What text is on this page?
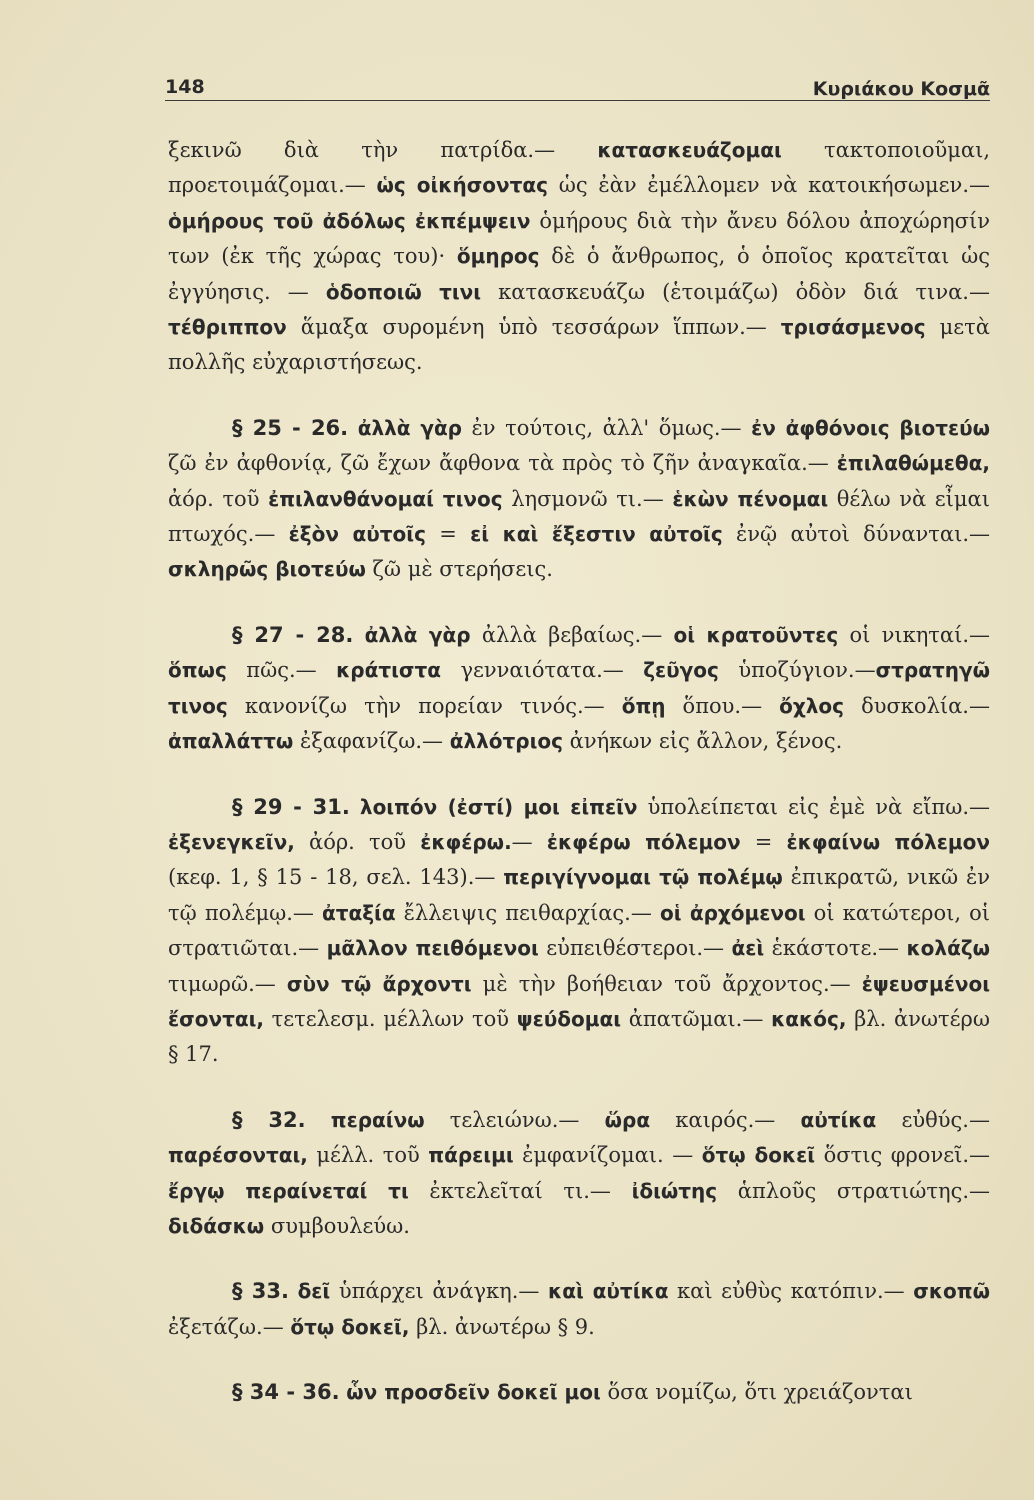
148	Κυριάκου Κοσμᾶ

ξεκινῶ διὰ τὴν πατρίδα.— κατασκευάζομαι τακτοποιοῦμαι, προετοιμάζομαι.— ὡς οἰκήσοντας ὡς ἐὰν ἐμέλλομεν νὰ κατοικήσωμεν.— ὁμήρους τοῦ ἀδόλως ἐκπέμψειν ὁμήρους διὰ τὴν ἄνευ δόλου ἀποχώρησίν των (ἐκ τῆς χώρας του)· ὅμηρος δὲ ὁ ἄνθρωπος, ὁ ὁποῖος κρατεῖται ὡς ἐγγύησις. — ὁδοποιῶ τινι κατασκευάζω (ἑτοιμάζω) ὁδὸν διά τινα.— τέθριππον ἅμαξα συρομένη ὑπὸ τεσσάρων ἵππων.— τρισάσμενος μετὰ πολλῆς εὐχαριστήσεως.

§ 25 - 26. ἀλλὰ γὰρ ἐν τούτοις, ἀλλ' ὅμως.— ἐν ἀφθόνοις βιοτεύω ζῶ ἐν ἀφθονίᾳ, ζῶ ἔχων ἄφθονα τὰ πρὸς τὸ ζῆν ἀναγκαῖα.— ἐπιλαθώμεθα, ἀόρ. τοῦ ἐπιλανθάνομαί τινος λησμονῶ τι.— ἑκὼν πένομαι θέλω νὰ εἶμαι πτωχός.— ἐξὸν αὐτοῖς = εἰ καὶ ἔξεστιν αὐτοῖς ἐνῷ αὐτοὶ δύνανται.— σκληρῶς βιοτεύω ζῶ μὲ στερήσεις.

§ 27 - 28. ἀλλὰ γὰρ ἀλλὰ βεβαίως.— οἱ κρατοῦντες οἱ νικηταί.— ὅπως πῶς.— κράτιστα γενναιότατα.— ζεῦγος ὑποζύγιον.—στρατηγῶ τινος κανονίζω τὴν πορείαν τινός.— ὅπῃ ὅπου.— ὄχλος δυσκολία.— ἀπαλλάττω ἐξαφανίζω.— ἀλλότριος ἀνήκων εἰς ἄλλον, ξένος.

§ 29 - 31. λοιπόν (ἐστί) μοι εἰπεῖν ὑπολείπεται εἰς ἐμὲ νὰ εἴπω.— ἐξενεγκεῖν, ἀόρ. τοῦ ἐκφέρω.— ἐκφέρω πόλεμον = ἐκφαίνω πόλεμον (κεφ. 1, § 15 - 18, σελ. 143).— περιγίγνομαι τῷ πολέμῳ ἐπικρατῶ, νικῶ ἐν τῷ πολέμῳ.— ἀταξία ἔλλειψις πειθαρχίας.— οἱ ἀρχόμενοι οἱ κατώτεροι, οἱ στρατιῶται.— μᾶλλον πειθόμενοι εὐπειθέστεροι.— ἀεὶ ἑκάστοτε.— κολάζω τιμωρῶ.— σὺν τῷ ἄρχοντι μὲ τὴν βοήθειαν τοῦ ἄρχοντος.— ἐψευσμένοι ἔσονται, τετελεσμ. μέλλων τοῦ ψεύδομαι ἀπατῶμαι.— κακός, βλ. ἀνωτέρω § 17.

§ 32. περαίνω τελειώνω.— ὥρα καιρός.— αὐτίκα εὐθύς.— παρέσονται, μέλλ. τοῦ πάρειμι ἐμφανίζομαι. — ὅτῳ δοκεῖ ὅστις φρονεῖ.— ἔργῳ περαίνεταί τι ἐκτελεῖταί τι.— ἰδιώτης ἁπλοῦς στρατιώτης.— διδάσκω συμβουλεύω.

§ 33. δεῖ ὑπάρχει ἀνάγκη.— καὶ αὐτίκα καὶ εὐθὺς κατόπιν.— σκοπῶ ἐξετάζω.— ὅτῳ δοκεῖ, βλ. ἀνωτέρω § 9.

§ 34 - 36. ὧν προσδεῖν δοκεῖ μοι ὅσα νομίζω, ὅτι χρειάζονται
